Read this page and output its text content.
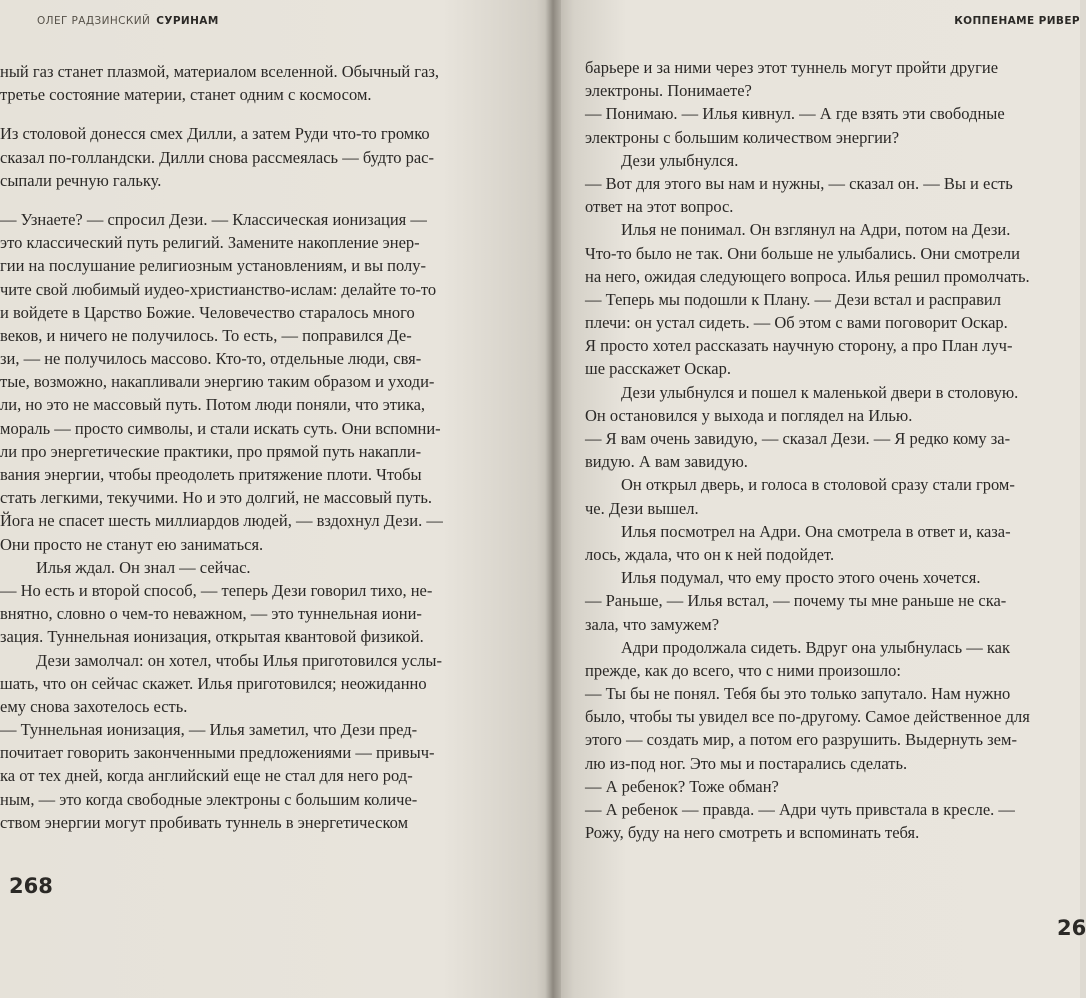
ОЛЕГ РАДЗИНСКИЙ СУРИНАМ
ный газ станет плазмой, материалом вселенной. Обычный газ,
третье состояние материи, станет одним с космосом.
Из столовой донесся смех Дилли, а затем Руди что-то громко
сказал по-голландски. Дилли снова рассмеялась — будто рас-
сыпали речную гальку.
— Узнаете? — спросил Дези. — Классическая ионизация —
это классический путь религий. Замените накопление энер-
гии на послушание религиозным установлениям, и вы полу-
чите свой любимый иудео-христианство-ислам: делайте то-то
и войдете в Царство Божие. Человечество старалось много
веков, и ничего не получилось. То есть, — поправился Де-
зи, — не получилось массово. Кто-то, отдельные люди, свя-
тые, возможно, накапливали энергию таким образом и уходи-
ли, но это не массовый путь. Потом люди поняли, что этика,
мораль — просто символы, и стали искать суть. Они вспомни-
ли про энергетические практики, про прямой путь накапли-
вания энергии, чтобы преодолеть притяжение плоти. Чтобы
стать легкими, текучими. Но и это долгий, не массовый путь.
Йога не спасет шесть миллиардов людей, — вздохнул Дези. —
Они просто не станут ею заниматься.
Илья ждал. Он знал — сейчас.
— Но есть и второй способ, — теперь Дези говорил тихо, не-
внятно, словно о чем-то неважном, — это туннельная иони-
зация. Туннельная ионизация, открытая квантовой физикой.
Дези замолчал: он хотел, чтобы Илья приготовился услы-
шать, что он сейчас скажет. Илья приготовился; неожиданно
ему снова захотелось есть.
— Туннельная ионизация, — Илья заметил, что Дези пред-
почитает говорить законченными предложениями — привыч-
ка от тех дней, когда английский еще не стал для него род-
ным, — это когда свободные электроны с большим количе-
ством энергии могут пробивать туннель в энергетическом
268
КОППЕНАМЕ РИВЕР
барьере и за ними через этот туннель могут пройти другие
электроны. Понимаете?
— Понимаю. — Илья кивнул. — А где взять эти свободные
электроны с большим количеством энергии?
Дези улыбнулся.
— Вот для этого вы нам и нужны, — сказал он. — Вы и есть
ответ на этот вопрос.
Илья не понимал. Он взглянул на Адри, потом на Дези.
Что-то было не так. Они больше не улыбались. Они смотрели
на него, ожидая следующего вопроса. Илья решил промолчать.
— Теперь мы подошли к Плану. — Дези встал и расправил
плечи: он устал сидеть. — Об этом с вами поговорит Оскар.
Я просто хотел рассказать научную сторону, а про План луч-
ше расскажет Оскар.
Дези улыбнулся и пошел к маленькой двери в столовую.
Он остановился у выхода и поглядел на Илью.
— Я вам очень завидую, — сказал Дези. — Я редко кому за-
видую. А вам завидую.
Он открыл дверь, и голоса в столовой сразу стали гром-
че. Дези вышел.
Илья посмотрел на Адри. Она смотрела в ответ и, каза-
лось, ждала, что он к ней подойдет.
Илья подумал, что ему просто этого очень хочется.
— Раньше, — Илья встал, — почему ты мне раньше не ска-
зала, что замужем?
Адри продолжала сидеть. Вдруг она улыбнулась — как
прежде, как до всего, что с ними произошло:
— Ты бы не понял. Тебя бы это только запутало. Нам нужно
было, чтобы ты увидел все по-другому. Самое действенное для
этого — создать мир, а потом его разрушить. Выдернуть зем-
лю из-под ног. Это мы и постарались сделать.
— А ребенок? Тоже обман?
— А ребенок — правда. — Адри чуть привстала в кресле. —
Рожу, буду на него смотреть и вспоминать тебя.
26
